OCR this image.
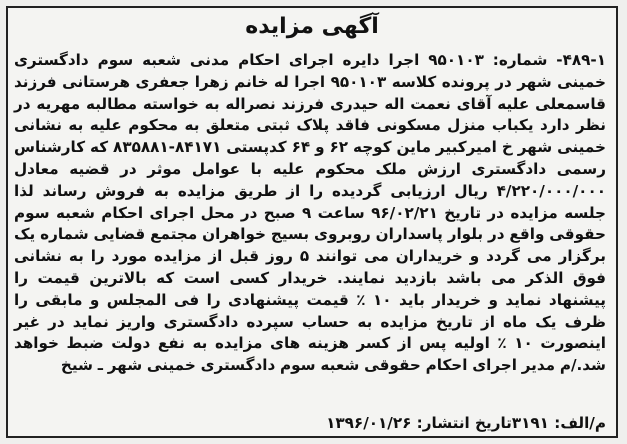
آگهی مزایده

۴۸۹-۱- شماره: ۹۵۰۱۰۳ اجرا دایره اجرای احکام مدنی شعبه سوم دادگستری خمینی شهر در پرونده کلاسه ۹۵۰۱۰۳ اجرا له خانم زهرا جعفری هرستانی فرزند قاسمعلی علیه آقای نعمت اله حیدری فرزند نصراله به خواسته مطالبه مهریه در نظر دارد یکباب منزل مسکونی فاقد پلاک ثبتی متعلق به محکوم علیه به نشانی خمینی شهر خ امیرکبیر ماین کوچه ۶۲ و ۶۴ کدپستی ۸۴۱۷۱-۸۳۵۸۸۱ که کارشناس رسمی دادگستری ارزش ملک محکوم علیه با عوامل موثر در قضیه معادل ۴/۲۲۰/۰۰۰/۰۰۰ ریال ارزیابی گردیده را از طریق مزایده به فروش رساند لذا جلسه مزایده در تاریخ ۹۶/۰۲/۲۱ ساعت ۹ صبح در محل اجرای احکام شعبه سوم حقوقی واقع در بلوار پاسداران روبروی بسیج خواهران مجتمع قضایی شماره یک برگزار می گردد و خریداران می توانند ۵ روز قبل از مزایده مورد را به نشانی فوق الذکر می باشد بازدید نمایند. خریدار کسی است که بالاترین قیمت را پیشنهاد نماید و خریدار باید ۱۰ ٪ قیمت پیشنهادی را فی المجلس و مابقی را ظرف یک ماه از تاریخ مزایده به حساب سپرده دادگستری واریز نماید در غیر اینصورت ۱۰ ٪ اولیه پس از کسر هزینه های مزایده به نفع دولت ضبط خواهد شد./م مدیر اجرای احکام حقوقی شعبه سوم دادگستری خمینی شهر ـ شیخ

م/الف: ۳۱۹۱تاریخ انتشار: ۱۳۹۶/۰۱/۲۶
